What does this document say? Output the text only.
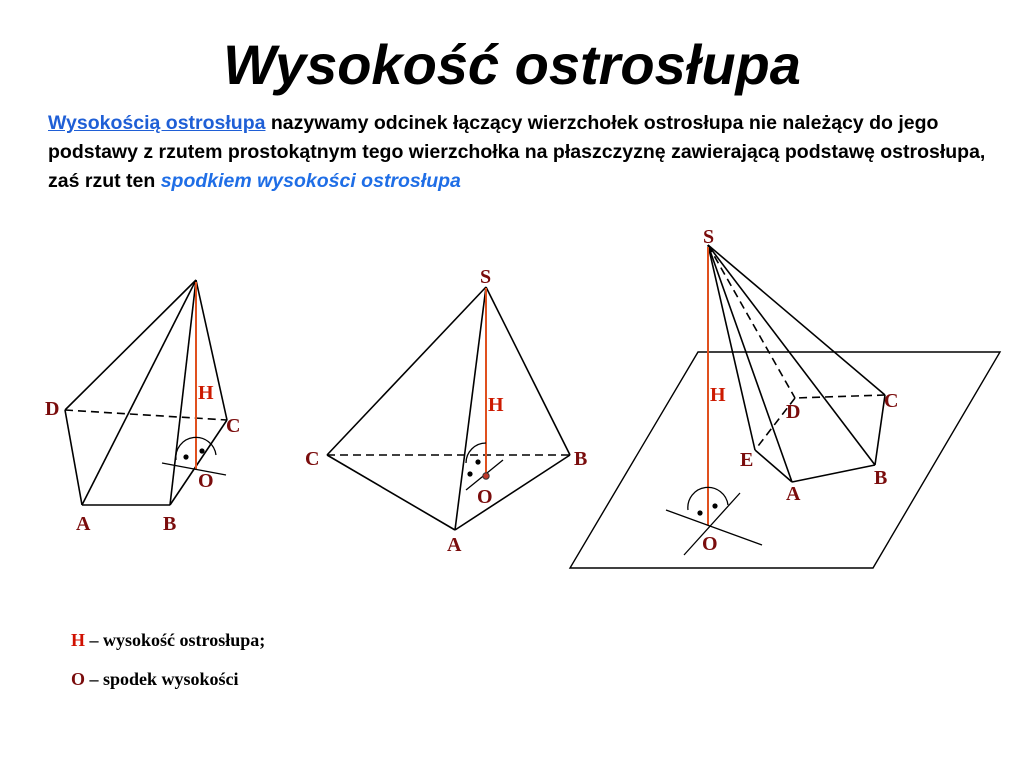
Wysokość ostrosłupa

Wysokością ostrosłupa nazywamy odcinek łączący wierzchołek ostrosłupa nie należący do jego podstawy z rzutem prostokątnym tego wierzchołka na płaszczyznę zawierającą podstawę ostrosłupa, zaś rzut ten spodkiem wysokości ostrosłupa

D
C
A	B
H
O
S
C	B
A
H
O
S
H
D	C
E
B
A
O

H – wysokość ostrosłupa;

O – spodek wysokości
